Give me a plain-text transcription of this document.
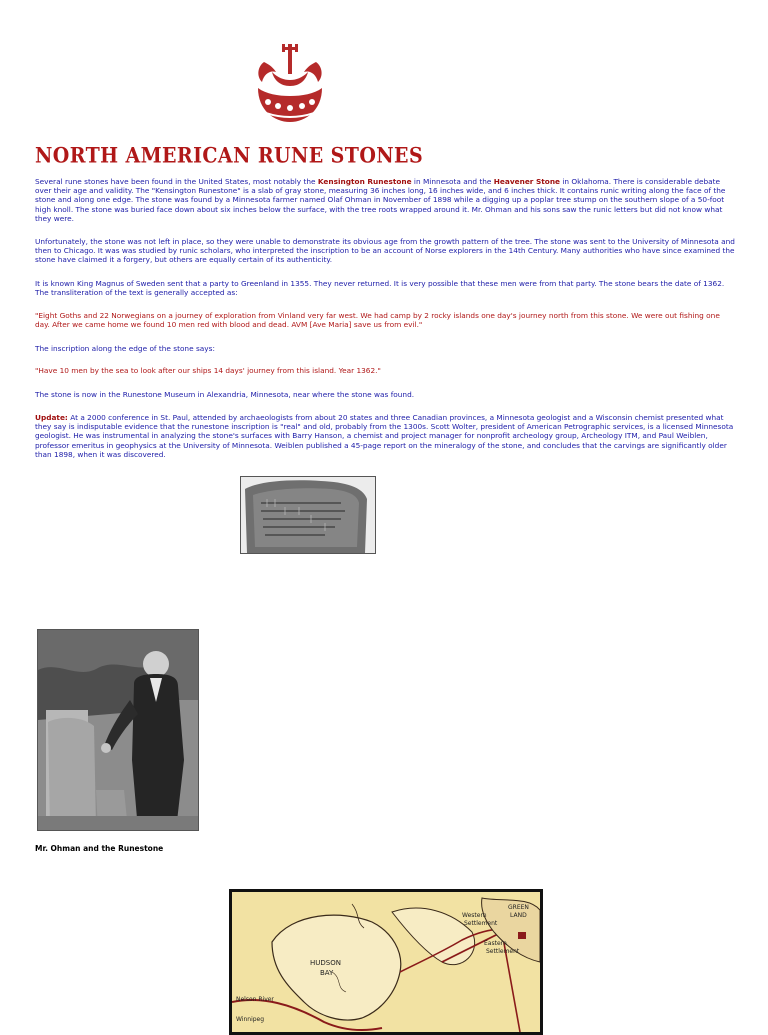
NORTH AMERICAN RUNE STONES

Several rune stones have been found in the United States, most notably the Kensington Runestone in Minnesota and the Heavener Stone in Oklahoma. There is considerable debate over their age and validity. The "Kensington Runestone" is a slab of gray stone, measuring 36 inches long, 16 inches wide, and 6 inches thick. It contains runic writing along the face of the stone and along one edge. The stone was found by a Minnesota farmer named Olaf Ohman in November of 1898 while a digging up a poplar tree stump on the southern slope of a 50-foot high knoll. The stone was buried face down about six inches below the surface, with the tree roots wrapped around it. Mr. Ohman and his sons saw the runic letters but did not know what they were.

Unfortunately, the stone was not left in place, so they were unable to demonstrate its obvious age from the growth pattern of the tree. The stone was sent to the University of Minnesota and then to Chicago. It was was studied by runic scholars, who interpreted the inscription to be an account of Norse explorers in the 14th Century. Many authorities who have since examined the stone have claimed it a forgery, but others are equally certain of its authenticity.

It is known King Magnus of Sweden sent that a party to Greenland in 1355. They never returned. It is very possible that these men were from that party. The stone bears the date of 1362. The transliteration of the text is generally accepted as:

"Eight Goths and 22 Norwegians on a journey of exploration from Vinland very far west. We had camp by 2 rocky islands one day's journey north from this stone. We were out fishing one day. After we came home we found 10 men red with blood and dead. AVM [Ave Maria] save us from evil."

The inscription along the edge of the stone says:

"Have 10 men by the sea to look after our ships 14 days' journey from this island. Year 1362."

The stone is now in the Runestone Museum in Alexandria, Minnesota, near where the stone was found.

Update: At a 2000 conference in St. Paul, attended by archaeologists from about 20 states and three Canadian provinces, a Minnesota geologist and a Wisconsin chemist presented what they say is indisputable evidence that the runestone inscription is "real" and old, probably from the 1300s. Scott Wolter, president of American Petrographic services, is a licensed Minnesota geologist. He was instrumental in analyzing the stone's surfaces with Barry Hanson, a chemist and project manager for nonprofit archeology group, Archeology ITM, and Paul Weiblen, professor emeritus in geophysics at the University of Minnesota. Weiblen published a 45-page report on the mineralogy of the stone, and concludes that the carvings are significantly older than 1898, when it was discovered.

Mr. Ohman and the Runestone

HUDSON
BAY
Western
Settlement
Eastern
Settlement
GREEN
LAND
Nelson River
Winnipeg
